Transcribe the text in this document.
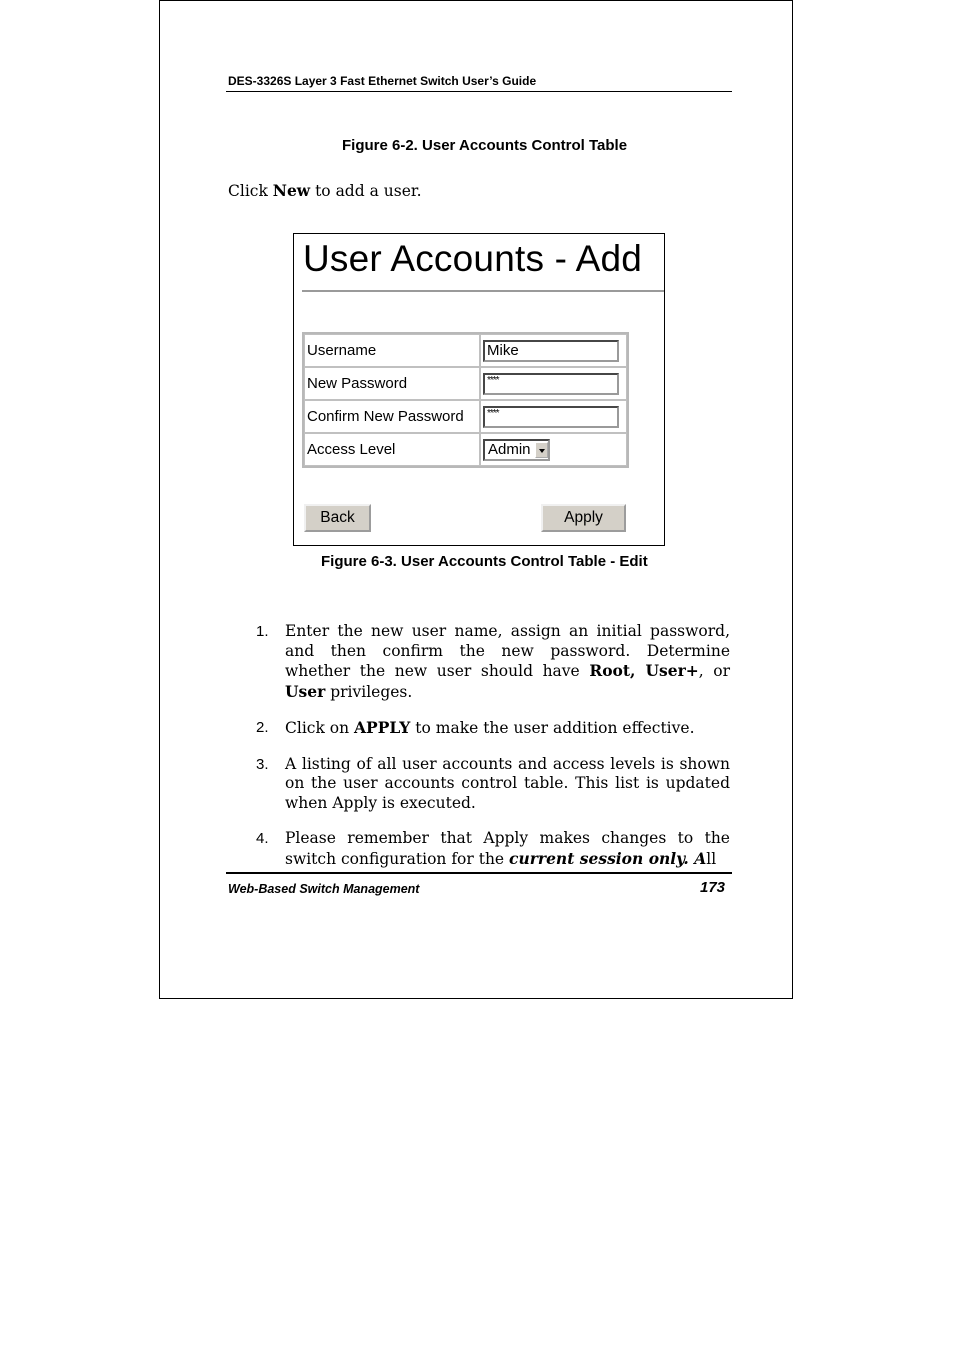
DES-3326S Layer 3 Fast Ethernet Switch User’s Guide
Figure 6-2. User Accounts Control Table
Click New to add a user.
User Accounts - Add
Username	Mike

New Password	****

Confirm New Password	****

Access Level	Admin
Back	Apply
Figure 6-3. User Accounts Control Table - Edit
1.	Enter the new user name, assign an initial password, and then confirm the new password. Determine whether the new user should have Root, User+, or User privileges.
2.	Click on APPLY to make the user addition effective.
3.	A listing of all user accounts and access levels is shown on the user accounts control table. This list is updated when Apply is executed.
4.	Please remember that Apply makes changes to the switch configuration for the current session only. All
Web-Based Switch Management	173
